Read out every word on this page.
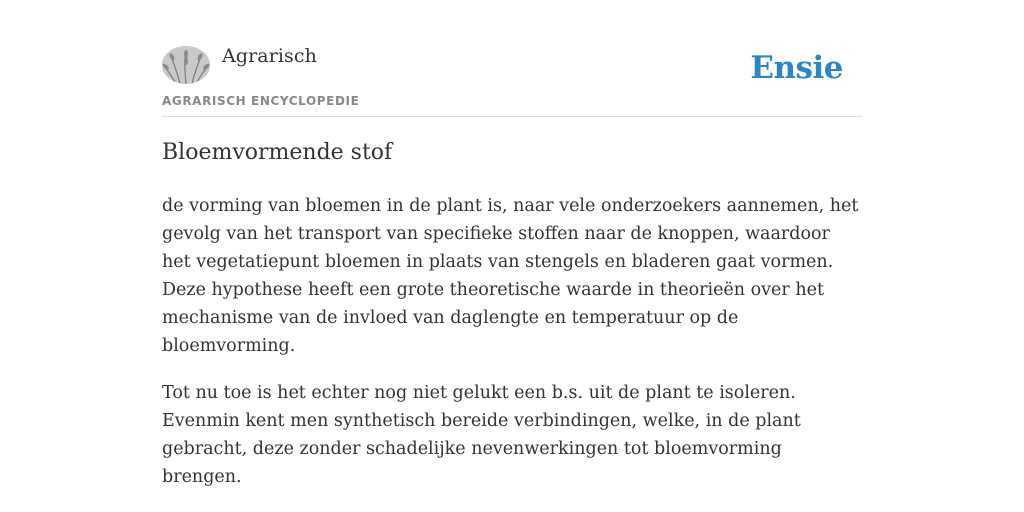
Agrarisch
AGRARISCH ENCYCLOPEDIE
Ensie
Bloemvormende stof

de vorming van bloemen in de plant is, naar vele onderzoekers aannemen, het gevolg van het transport van specifieke stoffen naar de knoppen, waardoor het vegetatiepunt bloemen in plaats van stengels en bladeren gaat vormen. Deze hypothese heeft een grote theoretische waarde in theorieën over het mechanisme van de invloed van daglengte en temperatuur op de bloemvorming.

Tot nu toe is het echter nog niet gelukt een b.s. uit de plant te isoleren. Evenmin kent men synthetisch bereide verbindingen, welke, in de plant gebracht, deze zonder schadelijke nevenwerkingen tot bloemvorming brengen.
